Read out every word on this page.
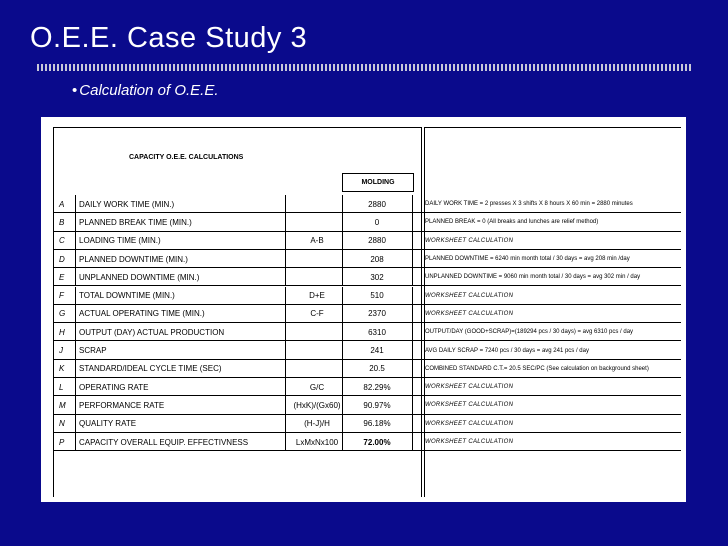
O.E.E. Case Study 3
• Calculation of O.E.E.
CAPACITY O.E.E. CALCULATIONS
MOLDING
A	DAILY WORK TIME (MIN.)	2880	DAILY WORK TIME = 2 presses X 3 shifts X 8 hours X 60 min = 2880 minutes
B	PLANNED BREAK TIME (MIN.)	0	PLANNED BREAK = 0 (All breaks and lunches are relief method)
C	LOADING TIME (MIN.)	A-B	2880	WORKSHEET CALCULATION
D	PLANNED DOWNTIME (MIN.)	208	PLANNED DOWNTIME = 6240 min month total / 30 days = avg 208 min /day
E	UNPLANNED DOWNTIME (MIN.)	302	UNPLANNED DOWNTIME = 9060 min month total / 30 days = avg 302 min / day
F	TOTAL DOWNTIME (MIN.)	D+E	510	WORKSHEET CALCULATION
G	ACTUAL OPERATING TIME (MIN.)	C-F	2370	WORKSHEET CALCULATION
H	OUTPUT (DAY) ACTUAL PRODUCTION	6310	OUTPUT/DAY (GOOD+SCRAP)=(189294 pcs / 30 days) = avg 6310 pcs / day
J	SCRAP	241	AVG DAILY SCRAP = 7240 pcs / 30 days = avg 241 pcs / day
K	STANDARD/IDEAL CYCLE TIME (SEC)	20.5	COMBINED STANDARD C.T.= 20.5 SEC/PC (See calculation on background sheet)
L	OPERATING RATE	G/C	82.29%	WORKSHEET CALCULATION
M	PERFORMANCE RATE	(HxK)/(Gx60)	90.97%	WORKSHEET CALCULATION
N	QUALITY RATE	(H-J)/H	96.18%	WORKSHEET CALCULATION
P	CAPACITY OVERALL EQUIP. EFFECTIVNESS	LxMxNx100	72.00%	WORKSHEET CALCULATION
